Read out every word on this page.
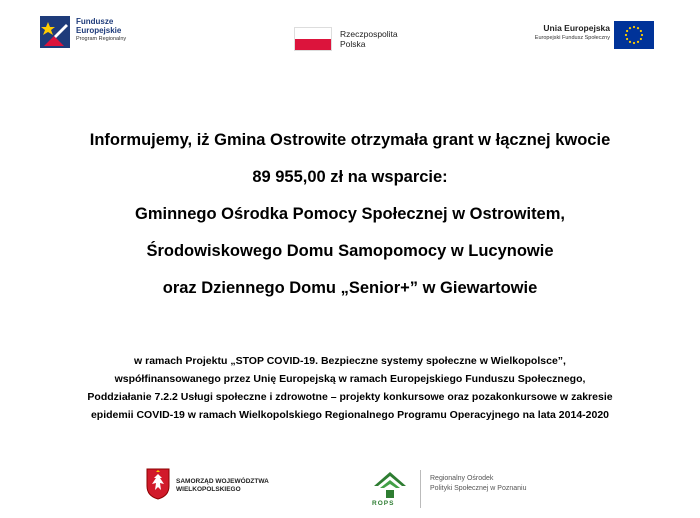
Fundusze
Europejskie
Program Regionalny	Rzeczpospolita
Polska
Unia Europejska
Europejski Fundusz Społeczny
Informujemy, iż Gmina Ostrowite otrzymała grant w łącznej kwocie
89 955,00 zł na wsparcie:
Gminnego Ośrodka Pomocy Społecznej w Ostrowitem,
Środowiskowego Domu Samopomocy w Lucynowie
oraz Dziennego Domu „Senior+” w Giewartowie
w ramach Projektu „STOP COVID-19. Bezpieczne systemy społeczne w Wielkopolsce”,
współfinansowanego przez Unię Europejską w ramach Europejskiego Funduszu Społecznego,
Poddziałanie 7.2.2 Usługi społeczne i zdrowotne – projekty konkursowe oraz pozakonkursowe w zakresie
epidemii COVID-19 w ramach Wielkopolskiego Regionalnego Programu Operacyjnego na lata 2014-2020
SAMORZĄD WOJEWÓDZTWA
WIELKOPOLSKIEGO
ROPS
Regionalny Ośrodek
Polityki Społecznej w Poznaniu
